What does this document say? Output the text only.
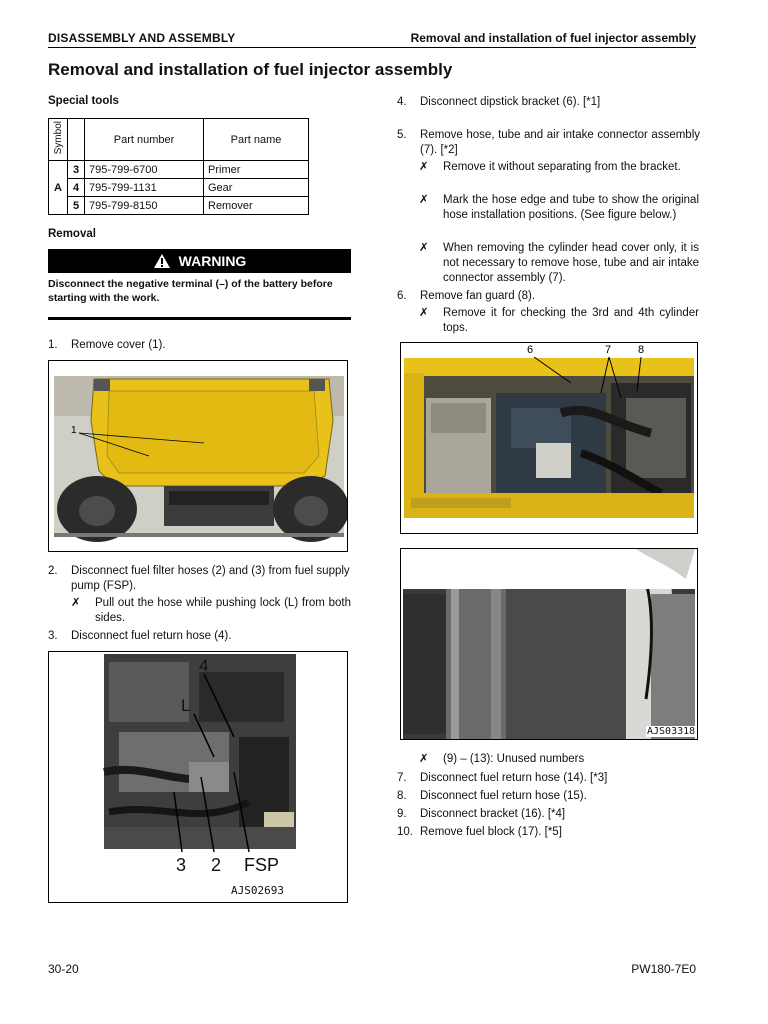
DISASSEMBLY AND ASSEMBLY	Removal and installation of fuel injector assembly
Removal and installation of fuel injector assembly
Special tools
Symbol		Part number	Part name
A	3	795-799-6700	Primer
	4	795-799-1131	Gear
	5	795-799-8150	Remover
Removal
WARNING
Disconnect the negative terminal (–) of the battery before starting with the work.
1. Remove cover (1).
1
2. Disconnect fuel filter hoses (2) and (3) from fuel supply pump (FSP).
✗ Pull out the hose while pushing lock (L) from both sides.
3. Disconnect fuel return hose (4).
4
L
3 2 FSP
AJS02693
4. Disconnect dipstick bracket (6). [*1]
5. Remove hose, tube and air intake connector assembly (7). [*2]
✗ Remove it without separating from the bracket.
✗ Mark the hose edge and tube to show the original hose installation positions. (See figure below.)
✗ When removing the cylinder head cover only, it is not necessary to remove hose, tube and air intake connector assembly (7).
6. Remove fan guard (8).
✗ Remove it for checking the 3rd and 4th cylinder tops.
6	7 8
AJS03318
✗ (9) – (13): Unused numbers
7. Disconnect fuel return hose (14). [*3]
8. Disconnect fuel return hose (15).
9. Disconnect bracket (16). [*4]
10. Remove fuel block (17). [*5]
30-20	PW180-7E0
